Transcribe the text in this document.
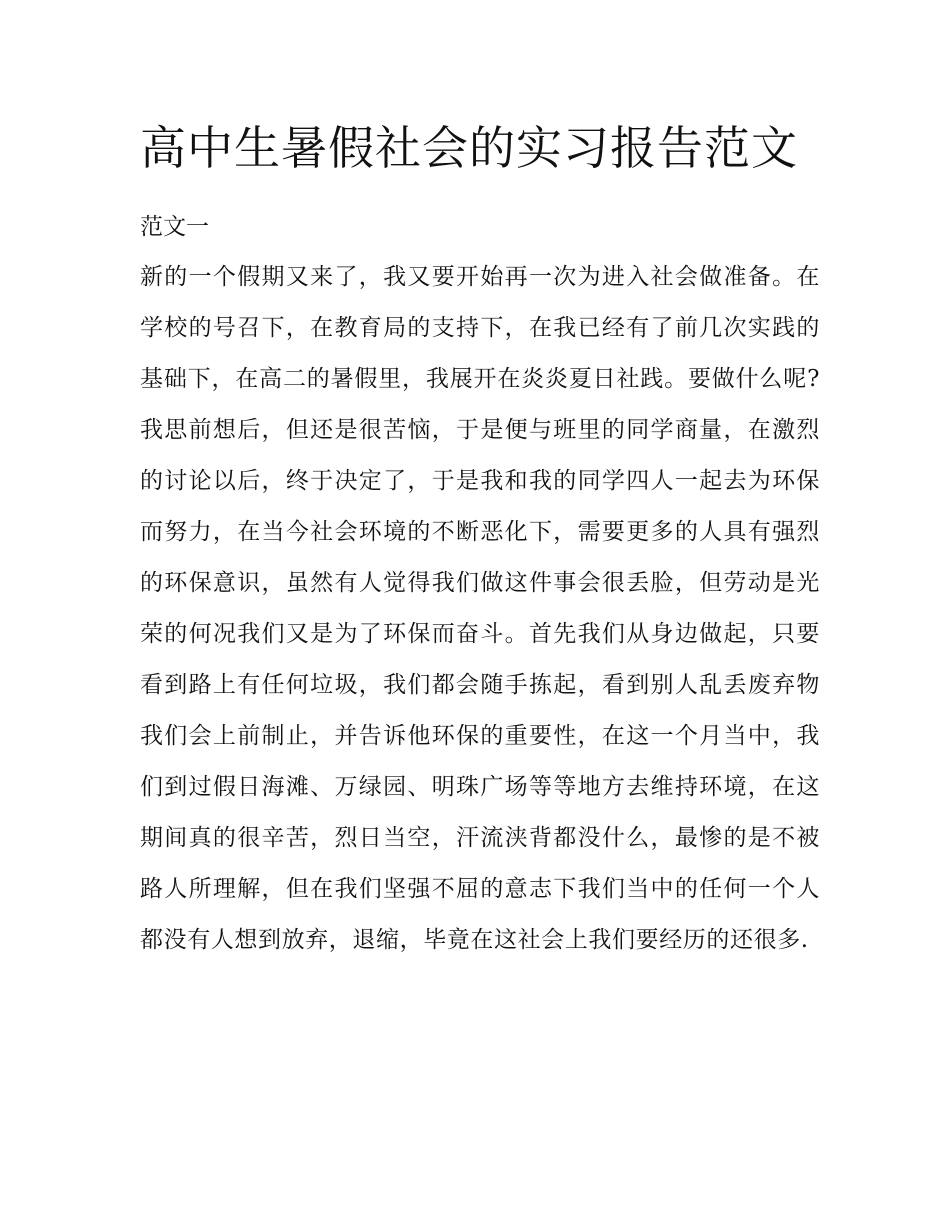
高中生暑假社会的实习报告范文
范文一

新的一个假期又来了，我又要开始再一次为进入社会做准备。在学校的号召下，在教育局的支持下，在我已经有了前几次实践的基础下，在高二的暑假里，我展开在炎炎夏日社践。要做什么呢?我思前想后，但还是很苦恼，于是便与班里的同学商量，在激烈的讨论以后，终于决定了，于是我和我的同学四人一起去为环保而努力，在当今社会环境的不断恶化下，需要更多的人具有强烈的环保意识，虽然有人觉得我们做这件事会很丢脸，但劳动是光荣的何况我们又是为了环保而奋斗。首先我们从身边做起，只要看到路上有任何垃圾，我们都会随手拣起，看到别人乱丢废弃物我们会上前制止，并告诉他环保的重要性，在这一个月当中，我们到过假日海滩、万绿园、明珠广场等等地方去维持环境，在这期间真的很辛苦，烈日当空，汗流浃背都没什么，最惨的是不被路人所理解，但在我们坚强不屈的意志下我们当中的任何一个人都没有人想到放弃，退缩，毕竟在这社会上我们要经历的还很多.
